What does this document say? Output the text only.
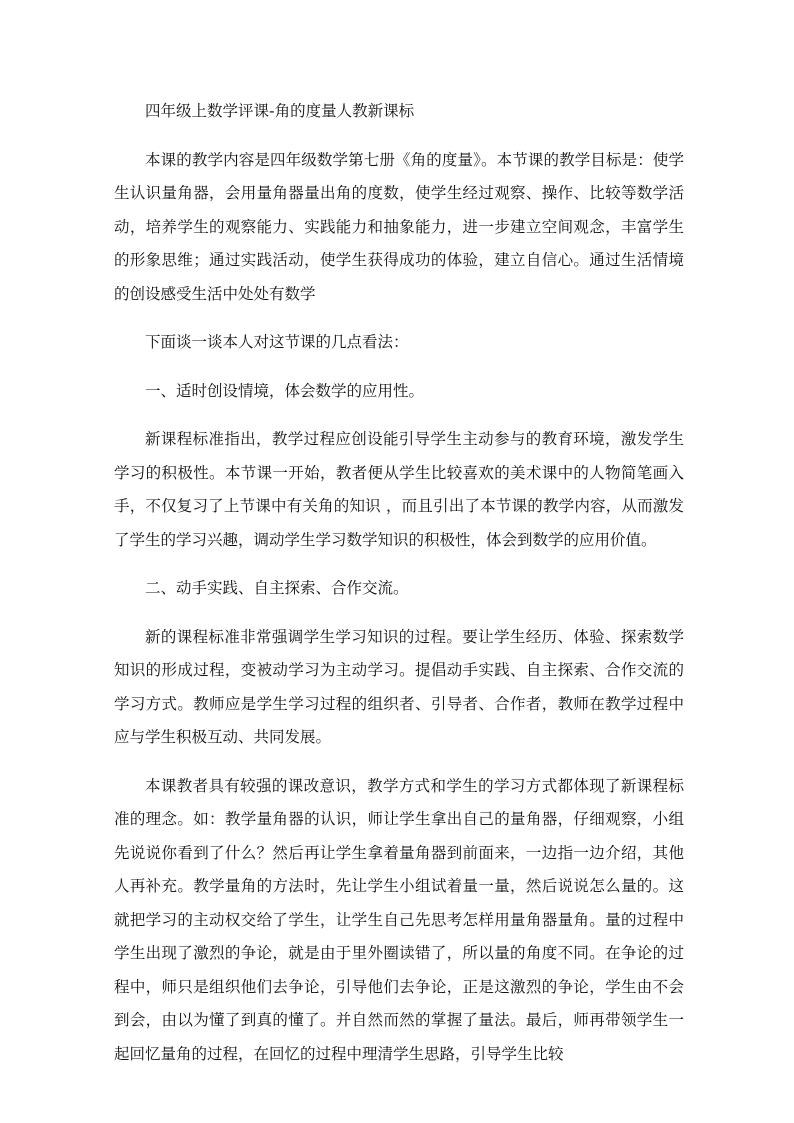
四年级上数学评课-角的度量人教新课标

本课的教学内容是四年级数学第七册《角的度量》。本节课的教学目标是：使学生认识量角器，会用量角器量出角的度数，使学生经过观察、操作、比较等数学活动，培养学生的观察能力、实践能力和抽象能力，进一步建立空间观念，丰富学生的形象思维；通过实践活动，使学生获得成功的体验，建立自信心。通过生活情境的创设感受生活中处处有数学

下面谈一谈本人对这节课的几点看法：

一、适时创设情境，体会数学的应用性。

新课程标准指出，教学过程应创设能引导学生主动参与的教育环境，激发学生学习的积极性。本节课一开始，教者便从学生比较喜欢的美术课中的人物简笔画入手，不仅复习了上节课中有关角的知识 ，而且引出了本节课的教学内容，从而激发了学生的学习兴趣，调动学生学习数学知识的积极性，体会到数学的应用价值。

二、动手实践、自主探索、合作交流。

新的课程标准非常强调学生学习知识的过程。要让学生经历、体验、探索数学知识的形成过程，变被动学习为主动学习。提倡动手实践、自主探索、合作交流的学习方式。教师应是学生学习过程的组织者、引导者、合作者，教师在教学过程中应与学生积极互动、共同发展。

本课教者具有较强的课改意识，教学方式和学生的学习方式都体现了新课程标准的理念。如：教学量角器的认识，师让学生拿出自己的量角器，仔细观察，小组先说说你看到了什么？然后再让学生拿着量角器到前面来，一边指一边介绍，其他人再补充。教学量角的方法时，先让学生小组试着量一量，然后说说怎么量的。这就把学习的主动权交给了学生，让学生自己先思考怎样用量角器量角。量的过程中学生出现了激烈的争论，就是由于里外圈读错了，所以量的角度不同。在争论的过程中，师只是组织他们去争论，引导他们去争论，正是这激烈的争论，学生由不会到会，由以为懂了到真的懂了。并自然而然的掌握了量法。最后，师再带领学生一起回忆量角的过程，在回忆的过程中理清学生思路，引导学生比较
